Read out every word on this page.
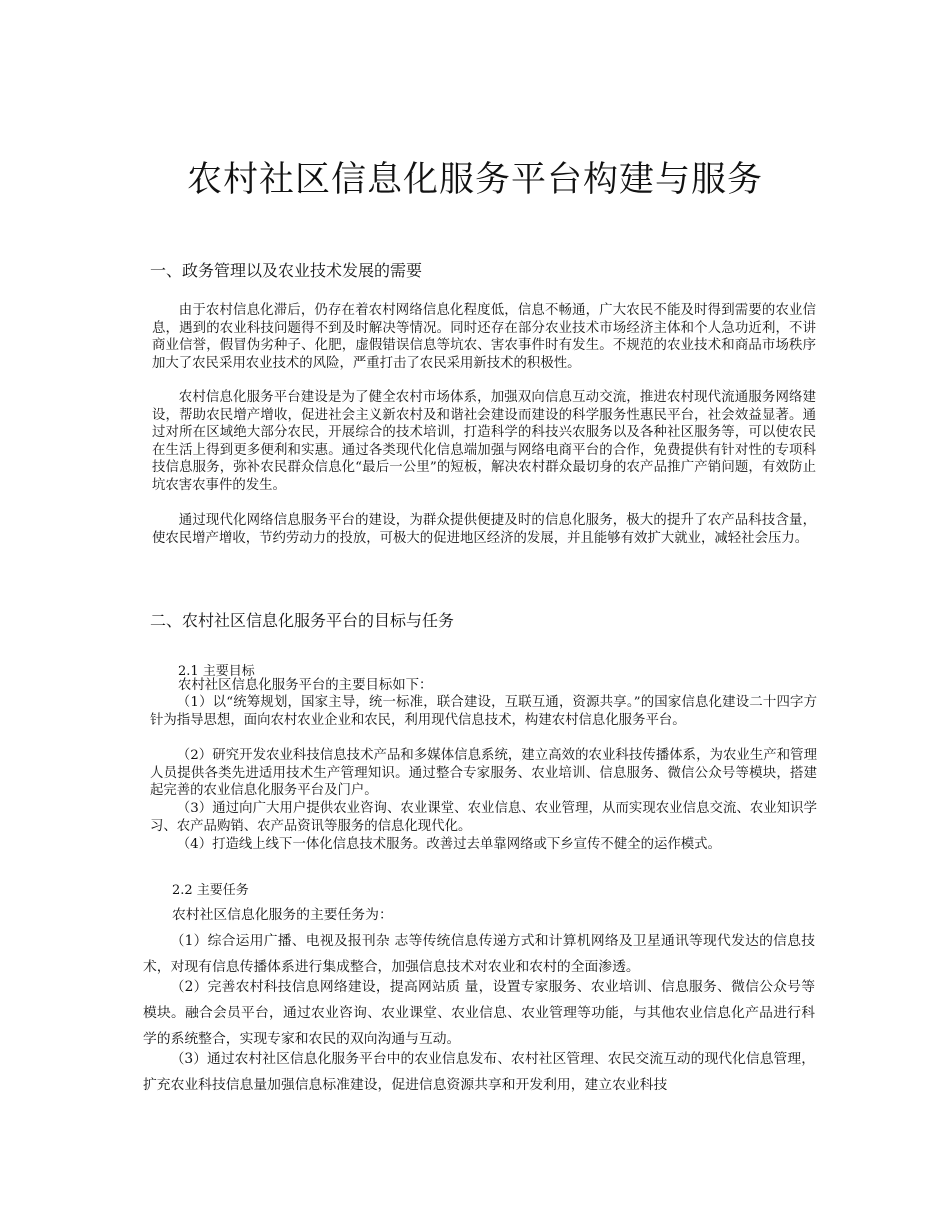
农村社区信息化服务平台构建与服务
一、政务管理以及农业技术发展的需要

由于农村信息化滞后，仍存在着农村网络信息化程度低，信息不畅通，广大农民不能及时得到需要的农业信息，遇到的农业科技问题得不到及时解决等情况。同时还存在部分农业技术市场经济主体和个人急功近利，不讲商业信誉，假冒伪劣种子、化肥，虚假错误信息等坑农、害农事件时有发生。不规范的农业技术和商品市场秩序加大了农民采用农业技术的风险，严重打击了农民采用新技术的积极性。

农村信息化服务平台建设是为了健全农村市场体系，加强双向信息互动交流，推进农村现代流通服务网络建设，帮助农民增产增收，促进社会主义新农村及和谐社会建设而建设的科学服务性惠民平台，社会效益显著。通过对所在区域绝大部分农民，开展综合的技术培训，打造科学的科技兴农服务以及各种社区服务等，可以使农民在生活上得到更多便利和实惠。通过各类现代化信息端加强与网络电商平台的合作，免费提供有针对性的专项科技信息服务，弥补农民群众信息化“最后一公里”的短板，解决农村群众最切身的农产品推广产销问题，有效防止坑农害农事件的发生。

通过现代化网络信息服务平台的建设，为群众提供便捷及时的信息化服务，极大的提升了农产品科技含量，使农民增产增收，节约劳动力的投放，可极大的促进地区经济的发展，并且能够有效扩大就业，减轻社会压力。

二、农村社区信息化服务平台的目标与任务
2.1 主要目标

农村社区信息化服务平台的主要目标如下：

（1）以“统筹规划，国家主导，统一标准，联合建设，互联互通，资源共享。”的国家信息化建设二十四字方针为指导思想，面向农村农业企业和农民，利用现代信息技术，构建农村信息化服务平台。

（2）研究开发农业科技信息技术产品和多媒体信息系统，建立高效的农业科技传播体系，为农业生产和管理人员提供各类先进适用技术生产管理知识。通过整合专家服务、农业培训、信息服务、微信公众号等模块，搭建起完善的农业信息化服务平台及门户。

（3）通过向广大用户提供农业咨询、农业课堂、农业信息、农业管理，从而实现农业信息交流、农业知识学习、农产品购销、农产品资讯等服务的信息化现代化。

（4）打造线上线下一体化信息技术服务。改善过去单靠网络或下乡宣传不健全的运作模式。

2.2 主要任务

农村社区信息化服务的主要任务为：

（1）综合运用广播、电视及报刊杂 志等传统信息传递方式和计算机网络及卫星通讯等现代发达的信息技术，对现有信息传播体系进行集成整合，加强信息技术对农业和农村的全面渗透。

（2）完善农村科技信息网络建设，提高网站质 量，设置专家服务、农业培训、信息服务、微信公众号等模块。融合会员平台，通过农业咨询、农业课堂、农业信息、农业管理等功能，与其他农业信息化产品进行科学的系统整合，实现专家和农民的双向沟通与互动。

（3）通过农村社区信息化服务平台中的农业信息发布、农村社区管理、农民交流互动的现代化信息管理，扩充农业科技信息量加强信息标准建设，促进信息资源共享和开发利用，建立农业科技
